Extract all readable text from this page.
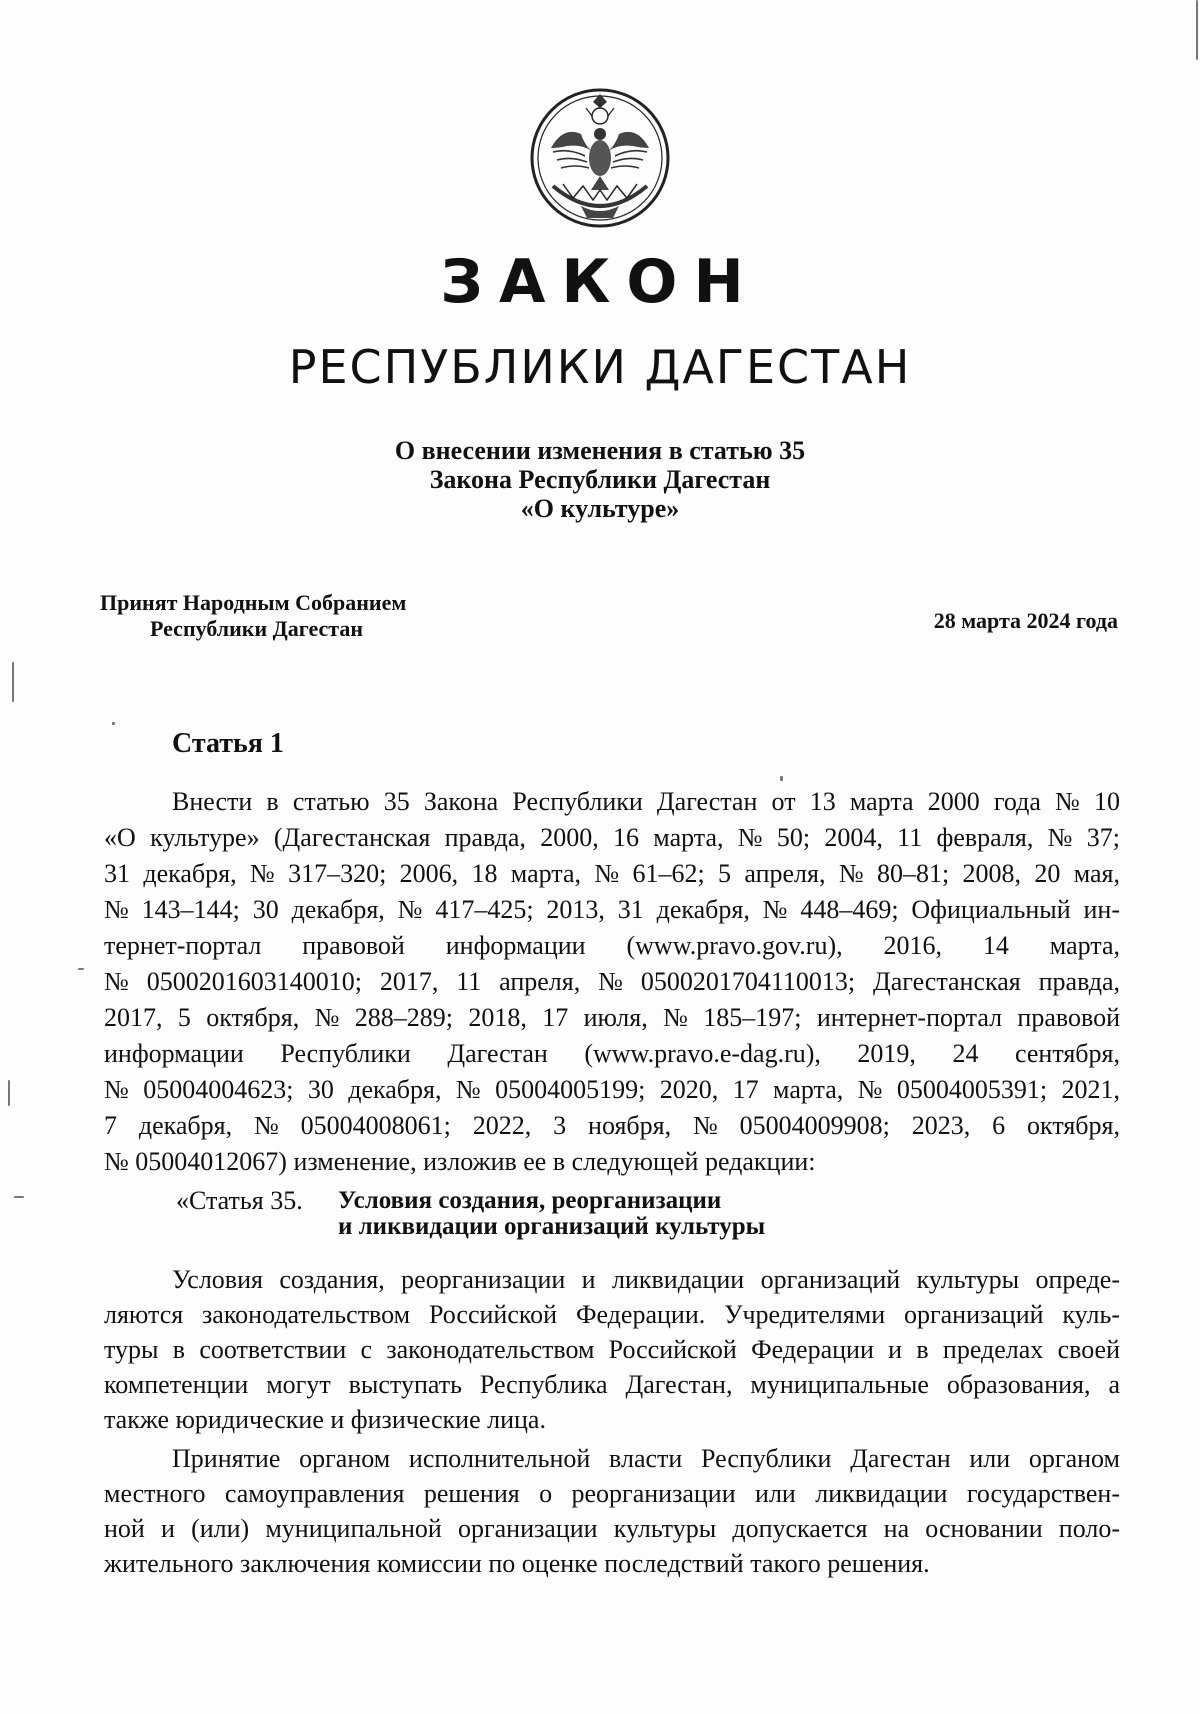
ЗАКОН
РЕСПУБЛИКИ ДАГЕСТАН
О внесении изменения в статью 35
Закона Республики Дагестан
«О культуре»
Принят Народным Собранием
Республики Дагестан	28 марта 2024 года
Статья 1
Внести в статью 35 Закона Республики Дагестан от 13 марта 2000 года № 10
«О культуре» (Дагестанская правда, 2000, 16 марта, № 50; 2004, 11 февраля, № 37;
31 декабря, № 317–320; 2006, 18 марта, № 61–62; 5 апреля, № 80–81; 2008, 20 мая,
№ 143–144; 30 декабря, № 417–425; 2013, 31 декабря, № 448–469; Официальный ин-
тернет-портал правовой информации (www.pravo.gov.ru), 2016, 14 марта,
№ 0500201603140010; 2017, 11 апреля, № 0500201704110013; Дагестанская правда,
2017, 5 октября, № 288–289; 2018, 17 июля, № 185–197; интернет-портал правовой
информации Республики Дагестан (www.pravo.e-dag.ru), 2019, 24 сентября,
№ 05004004623; 30 декабря, № 05004005199; 2020, 17 марта, № 05004005391; 2021,
7 декабря, № 05004008061; 2022, 3 ноября, № 05004009908; 2023, 6 октября,
№ 05004012067) изменение, изложив ее в следующей редакции:
«Статья 35. Условия создания, реорганизации
и ликвидации организаций культуры
Условия создания, реорганизации и ликвидации организаций культуры опреде-
ляются законодательством Российской Федерации. Учредителями организаций куль-
туры в соответствии с законодательством Российской Федерации и в пределах своей
компетенции могут выступать Республика Дагестан, муниципальные образования, а
также юридические и физические лица.
Принятие органом исполнительной власти Республики Дагестан или органом
местного самоуправления решения о реорганизации или ликвидации государствен-
ной и (или) муниципальной организации культуры допускается на основании поло-
жительного заключения комиссии по оценке последствий такого решения.
